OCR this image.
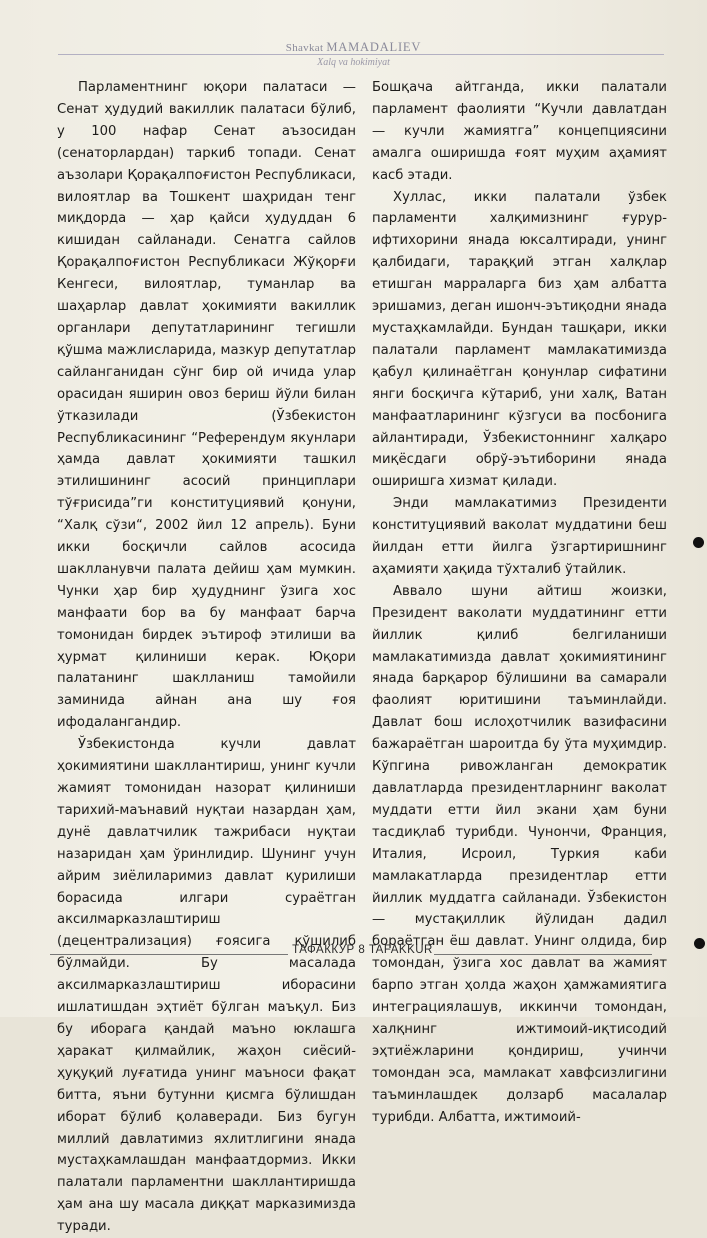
Shavkat MAMADALIEV
Xalq va hokimiyat

Парламентнинг юқори палатаси — Сенат ҳудудий вакиллик палатаси бўлиб, у 100 нафар Сенат аъзосидан (сенаторлардан) таркиб топади. Сенат аъзолари Қорақалпоғистон Республикаси, вилоятлар ва Тошкент шаҳридан тенг миқдорда — ҳар қайси ҳудуддан 6 кишидан сайланади. Сенатга сайлов Қорақалпоғистон Республикаси Жўқорғи Кенгеси, вилоятлар, туманлар ва шаҳарлар давлат ҳокимияти вакиллик органлари депутатларининг тегишли қўшма мажлисларида, мазкур депутатлар сайланганидан сўнг бир ой ичида улар орасидан яширин овоз бериш йўли билан ўтказилади (Ўзбекистон Республикасининг “Референдум якунлари ҳамда давлат ҳокимияти ташкил этилишининг асосий принциплари тўғрисида”ги конституциявий қонуни, “Халқ сўзи“, 2002 йил 12 апрель). Буни икки босқичли сайлов асосида шаклланувчи палата дейиш ҳам мумкин. Чунки ҳар бир ҳудуднинг ўзига хос манфаати бор ва бу манфаат барча томонидан бирдек эътироф этилиши ва ҳурмат қилиниши керак. Юқори палатанинг шаклланиш тамойили заминида айнан ана шу ғоя ифодалангандир.

Ўзбекистонда кучли давлат ҳокимиятини шакллантириш, унинг кучли жамият томонидан назорат қилиниши тарихий-маънавий нуқтаи назардан ҳам, дунё давлатчилик тажрибаси нуқтаи назаридан ҳам ўринлидир. Шунинг учун айрим зиёлиларимиз давлат қурилиши борасида илгари сураётган аксилмарказлаштириш (децентрализация) ғоясига қўшилиб бўлмайди. Бу масалада аксилмарказлаштириш иборасини ишлатишдан эҳтиёт бўлган маъқул. Биз бу иборага қандай маъно юклашга ҳаракат қилмайлик, жаҳон сиёсий-ҳуқуқий луғатида унинг маъноси фақат битта, яъни бутунни қисмга бўлишдан иборат бўлиб қолаверади. Биз бугун миллий давлатимиз яхлитлигини янада мустаҳкамлашдан манфаатдормиз. Икки палатали парламентни шакллантиришда ҳам ана шу масала диққат марказимизда туради.

Бошқача айтганда, икки палатали парламент фаолияти “Кучли давлатдан — кучли жамиятга” концепциясини амалга оширишда ғоят муҳим аҳамият касб этади.

Хуллас, икки палатали ўзбек парламенти халқимизнинг ғурур-ифтихорини янада юксалтиради, унинг қалбидаги, тараққий этган халқлар етишган марраларга биз ҳам албатта эришамиз, деган ишонч-эътиқодни янада мустаҳкамлайди. Бундан ташқари, икки палатали парламент мамлакатимизда қабул қилинаётган қонунлар сифатини янги босқичга кўтариб, уни халқ, Ватан манфаатларининг кўзгуси ва посбонига айлантиради, Ўзбекистоннинг халқаро миқёсдаги обрў-эътиборини янада оширишга хизмат қилади.

Энди мамлакатимиз Президенти конституциявий ваколат муддатини беш йилдан етти йилга ўзгартиришнинг аҳамияти ҳақида тўхталиб ўтайлик.

Аввало шуни айтиш жоизки, Президент ваколати муддатининг етти йиллик қилиб белгиланиши мамлакатимизда давлат ҳокимиятининг янада барқарор бўлишини ва самарали фаолият юритишини таъминлайди. Давлат бош ислоҳотчилик вазифасини бажараётган шароитда бу ўта муҳимдир. Кўпгина ривожланган демократик давлатларда президентларнинг ваколат муддати етти йил экани ҳам буни тасдиқлаб турибди. Чунончи, Франция, Италия, Исроил, Туркия каби мамлакатларда президентлар етти йиллик муддатга сайланади. Ўзбекистон — мустақиллик йўлидан дадил бораётган ёш давлат. Унинг олдида, бир томондан, ўзига хос давлат ва жамият барпо этган ҳолда жаҳон ҳамжамиятига интеграциялашув, иккинчи томондан, халқнинг ижтимоий-иқтисодий эҳтиёжларини қондириш, учинчи томондан эса, мамлакат хавфсизлигини таъминлашдек долзарб масалалар турибди. Албатта, ижтимоий-

ТАФАККУР 8 TAFAKKUR
